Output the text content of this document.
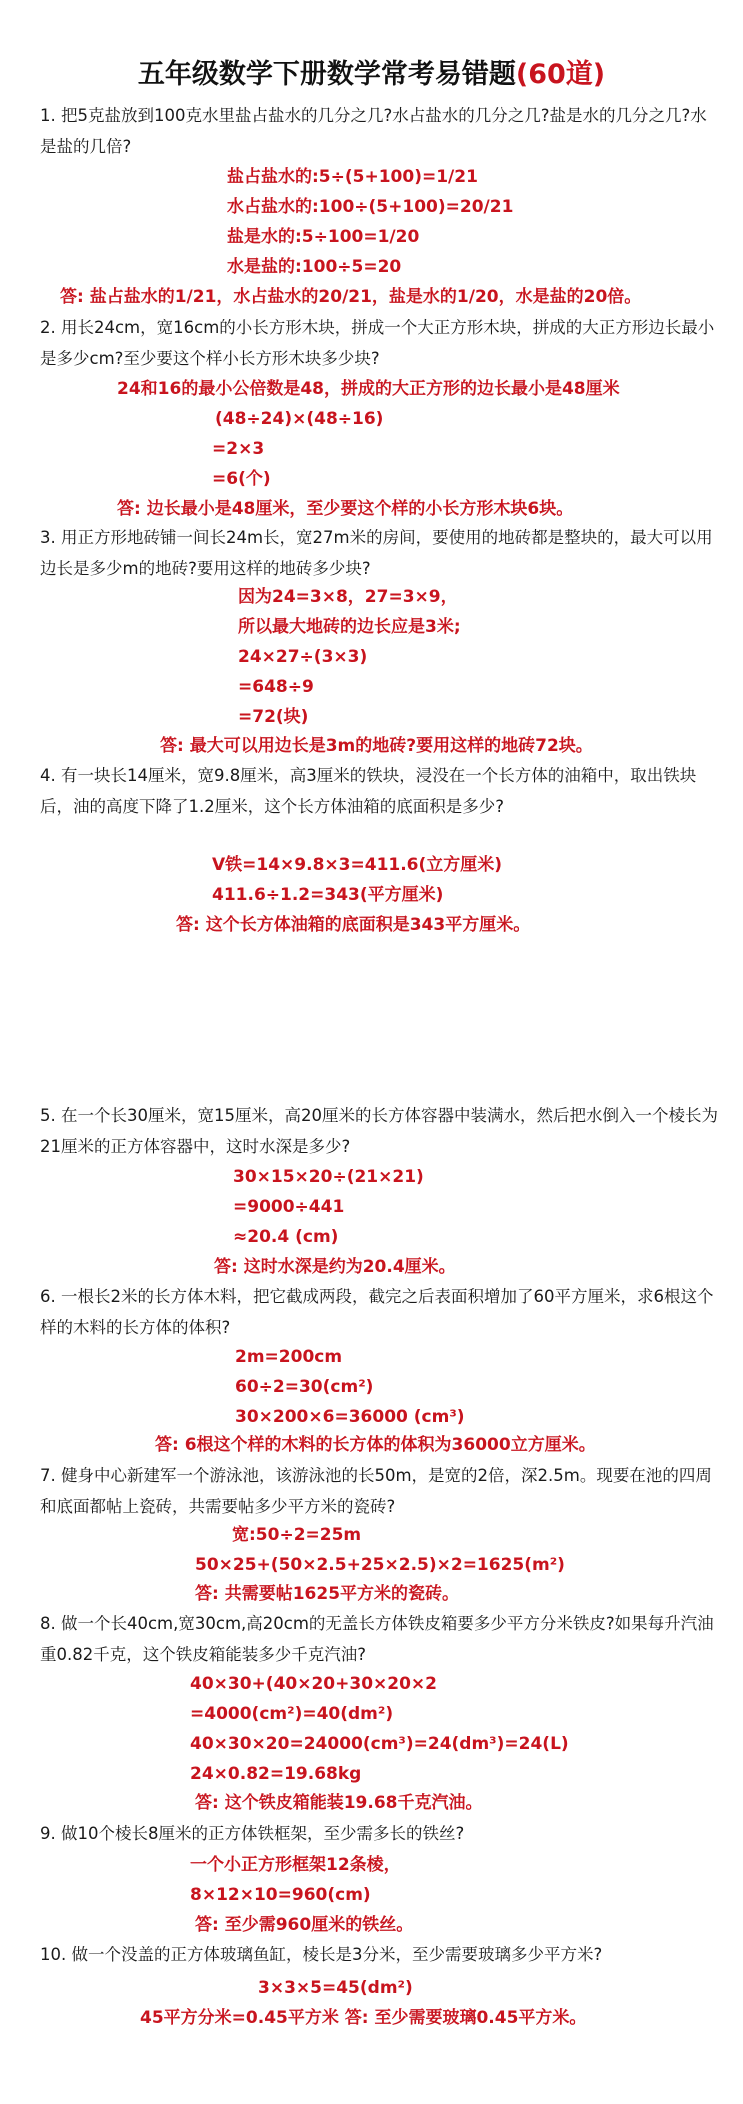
五年级数学下册数学常考易错题(60道)
1. 把5克盐放到100克水里盐占盐水的几分之几?水占盐水的几分之几?盐是水的几分之几?水是盐的几倍?
盐占盐水的:5÷(5+100)=1/21
水占盐水的:100÷(5+100)=20/21
盐是水的:5÷100=1/20
水是盐的:100÷5=20
答: 盐占盐水的1/21，水占盐水的20/21，盐是水的1/20，水是盐的20倍。
2. 用长24cm，宽16cm的小长方形木块，拼成一个大正方形木块，拼成的大正方形边长最小是多少cm?至少要这个样小长方形木块多少块?
24和16的最小公倍数是48，拼成的大正方形的边长最小是48厘米
(48÷24)×(48÷16)
=2×3
=6(个)
答: 边长最小是48厘米，至少要这个样的小长方形木块6块。
3. 用正方形地砖铺一间长24m长，宽27m米的房间，要使用的地砖都是整块的，最大可以用边长是多少m的地砖?要用这样的地砖多少块?
因为24=3×8，27=3×9，
所以最大地砖的边长应是3米;
24×27÷(3×3)
=648÷9
=72(块)
答: 最大可以用边长是3m的地砖?要用这样的地砖72块。
4. 有一块长14厘米，宽9.8厘米，高3厘米的铁块，浸没在一个长方体的油箱中，取出铁块后，油的高度下降了1.2厘米，这个长方体油箱的底面积是多少?
V铁=14×9.8×3=411.6(立方厘米)
411.6÷1.2=343(平方厘米)
答: 这个长方体油箱的底面积是343平方厘米。
5. 在一个长30厘米，宽15厘米，高20厘米的长方体容器中装满水，然后把水倒入一个棱长为21厘米的正方体容器中，这时水深是多少?
30×15×20÷(21×21)
=9000÷441
≈20.4 (cm)
答: 这时水深是约为20.4厘米。
6. 一根长2米的长方体木料，把它截成两段，截完之后表面积增加了60平方厘米，求6根这个样的木料的长方体的体积?
2m=200cm
60÷2=30(cm²)
30×200×6=36000 (cm³)
答: 6根这个样的木料的长方体的体积为36000立方厘米。
7. 健身中心新建军一个游泳池，该游泳池的长50m，是宽的2倍，深2.5m。现要在池的四周和底面都帖上瓷砖，共需要帖多少平方米的瓷砖?
宽:50÷2=25m
50×25+(50×2.5+25×2.5)×2=1625(m²)
答: 共需要帖1625平方米的瓷砖。
8. 做一个长40cm,宽30cm,高20cm的无盖长方体铁皮箱要多少平方分米铁皮?如果每升汽油重0.82千克，这个铁皮箱能装多少千克汽油?
40×30+(40×20+30×20×2
=4000(cm²)=40(dm²)
40×30×20=24000(cm³)=24(dm³)=24(L)
24×0.82=19.68kg
答: 这个铁皮箱能装19.68千克汽油。
9. 做10个棱长8厘米的正方体铁框架，至少需多长的铁丝?
一个小正方形框架12条棱，
8×12×10=960(cm)
答: 至少需960厘米的铁丝。
10. 做一个没盖的正方体玻璃鱼缸，棱长是3分米，至少需要玻璃多少平方米?
3×3×5=45(dm²)
45平方分米=0.45平方米 答: 至少需要玻璃0.45平方米。
